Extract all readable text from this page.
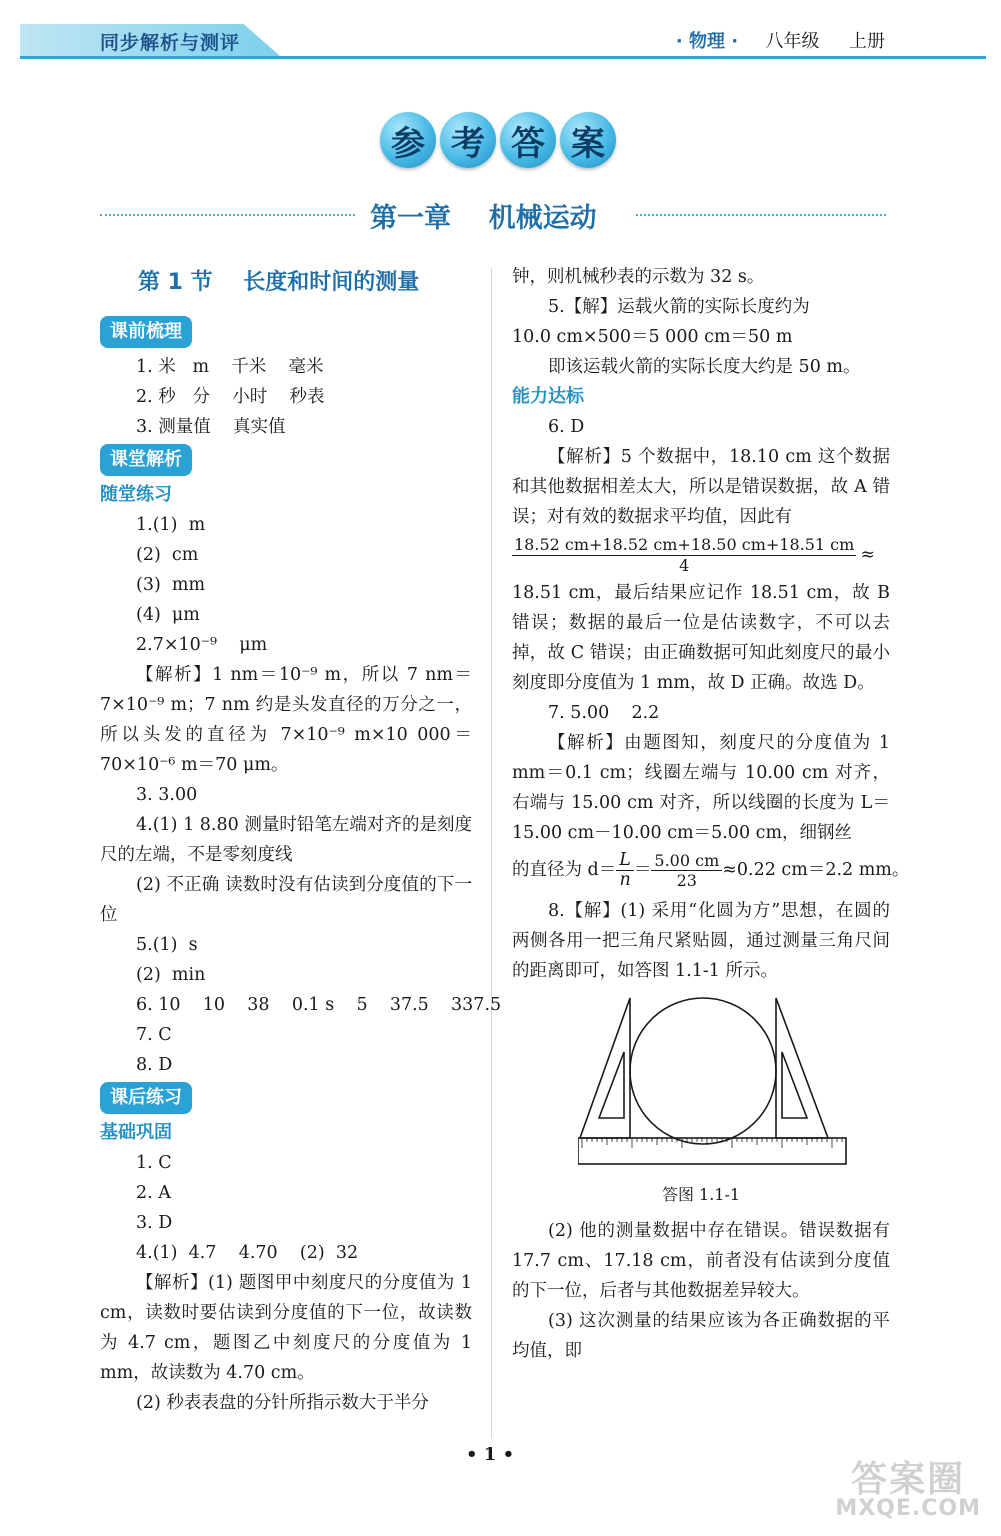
同步解析与测评	· 物理 · 八年级 上册
参 考 答 案
第一章    机械运动
第 1 节    长度和时间的测量
课前梳理
1. 米   m    千米    毫米
2. 秒   分    小时    秒表
3. 测量值    真实值
课堂解析
随堂练习
1.(1)  m
(2)  cm
(3)  mm
(4)  μm
2.7×10⁻⁹    μm
【解析】1 nm＝10⁻⁹ m，所以 7 nm＝7×10⁻⁹ m；7 nm 约是头发直径的万分之一，所以头发的直径为 7×10⁻⁹ m×10 000＝70×10⁻⁶ m＝70 μm。
3. 3.00
4.(1) 1 8.80 测量时铅笔左端对齐的是刻度尺的左端，不是零刻度线
(2) 不正确 读数时没有估读到分度值的下一位
5.(1)  s
(2)  min
6. 10    10    38    0.1 s    5    37.5    337.5
7. C
8. D
课后练习
基础巩固
1. C
2. A
3. D
4.(1)  4.7    4.70    (2)  32
【解析】(1) 题图甲中刻度尺的分度值为 1 cm，读数时要估读到分度值的下一位，故读数为 4.7 cm，题图乙中刻度尺的分度值为 1 mm，故读数为 4.70 cm。
(2) 秒表表盘的分针所指示数大于半分
钟，则机械秒表的示数为 32 s。
5.【解】运载火箭的实际长度约为
10.0 cm×500＝5 000 cm＝50 m
即该运载火箭的实际长度大约是 50 m。
能力达标
6. D
【解析】5 个数据中，18.10 cm 这个数据和其他数据相差太大，所以是错误数据，故 A 错误；对有效的数据求平均值，因此有
$\frac{18.52 cm+18.52 cm+18.50 cm+18.51 cm}{4}$ ≈
18.51 cm，最后结果应记作 18.51 cm，故 B 错误；数据的最后一位是估读数字，不可以去掉，故 C 错误；由正确数据可知此刻度尺的最小刻度即分度值为 1 mm，故 D 正确。故选 D。
7. 5.00    2.2
【解析】由题图知，刻度尺的分度值为 1 mm＝0.1 cm；线圈左端与 10.00 cm 对齐，右端与 15.00 cm 对齐，所以线圈的长度为 L＝15.00 cm－10.00 cm＝5.00 cm，细钢丝
的直径为 $d= \frac{L}{n} = \frac{5.00 cm}{23} \approx 0.22$ cm＝2.2 mm。
8.【解】(1) 采用“化圆为方”思想，在圆的两侧各用一把三角尺紧贴圆，通过测量三角尺间的距离即可，如答图 1.1-1 所示。
答图 1.1-1
(2) 他的测量数据中存在错误。错误数据有 17.7 cm、17.18 cm，前者没有估读到分度值的下一位，后者与其他数据差异较大。
(3) 这次测量的结果应该为各正确数据的平均值，即
• 1 •
答案圈
MXQE.COM
